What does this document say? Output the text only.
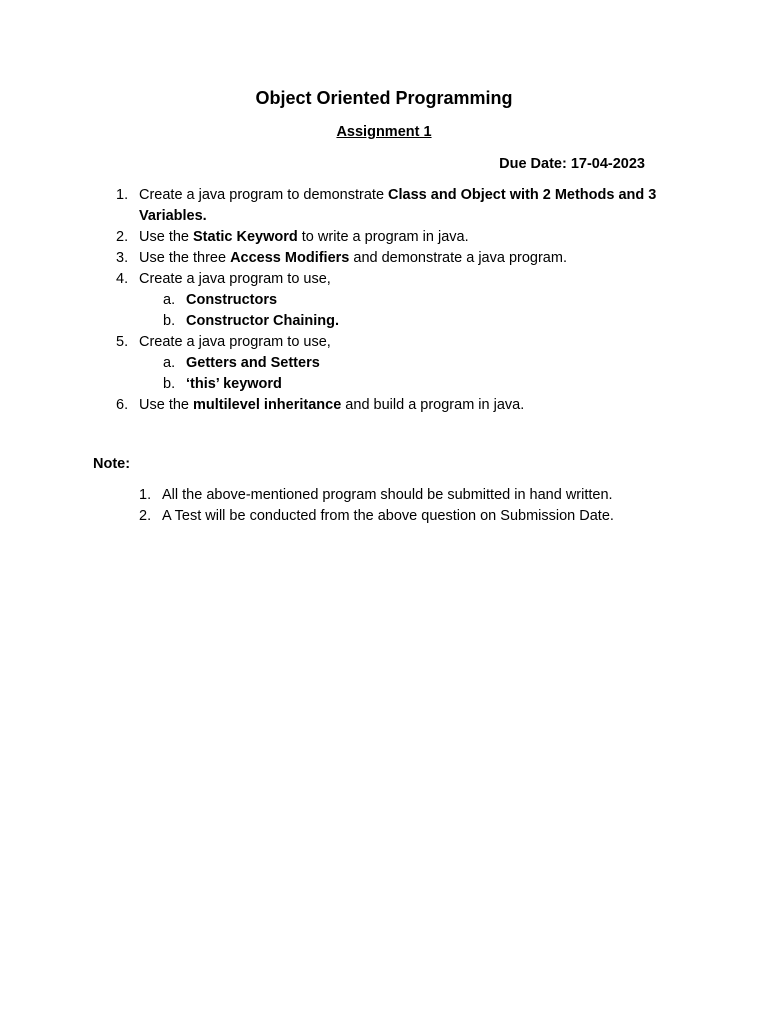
Object Oriented Programming
Assignment 1
Due Date: 17-04-2023
1. Create a java program to demonstrate Class and Object with 2 Methods and 3 Variables.
2. Use the Static Keyword to write a program in java.
3. Use the three Access Modifiers and demonstrate a java program.
4. Create a java program to use,
a. Constructors
b. Constructor Chaining.
5. Create a java program to use,
a. Getters and Setters
b. ‘this’ keyword
6. Use the multilevel inheritance and build a program in java.
Note:
1. All the above-mentioned program should be submitted in hand written.
2. A Test will be conducted from the above question on Submission Date.
